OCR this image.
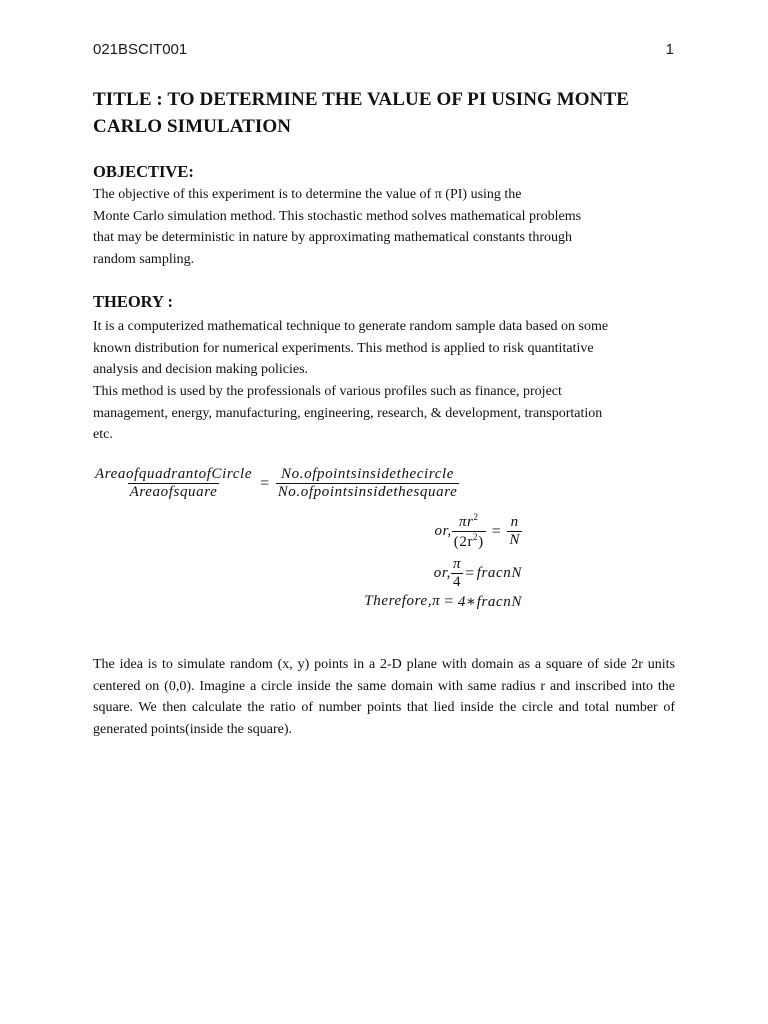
021BSCIT001	1
TITLE : TO DETERMINE THE VALUE OF PI USING MONTE
CARLO SIMULATION
OBJECTIVE:

The objective of this experiment is to determine the value of π (PI) using the
Monte Carlo simulation method. This stochastic method solves mathematical problems
that may be deterministic in nature by approximating mathematical constants through
random sampling.

THEORY :

It is a computerized mathematical technique to generate random sample data based on some
known distribution for numerical experiments. This method is applied to risk quantitative
analysis and decision making policies.
This method is used by the professionals of various profiles such as finance, project
management, energy, manufacturing, engineering, research, & development, transportation
etc.

$\frac{\text{AreaofquadrantofCircle}}{\text{Areaofsquare}} = \frac{\text{No.ofpointsinsidethecircle}}{\text{No.ofpointsinsidethesquare}}$
or, $\frac{\pi r^2}{(2r^2)} = \frac{n}{N}$
or, $\frac{\pi}{4}$ = fracnN
Therefore, π = 4∗fracnN

The idea is to simulate random (x, y) points in a 2-D plane with domain as a square of side 2r units centered on (0,0). Imagine a circle inside the same domain with same radius r and inscribed into the square. We then calculate the ratio of number points that lied inside the circle and total number of generated points(inside the square).
